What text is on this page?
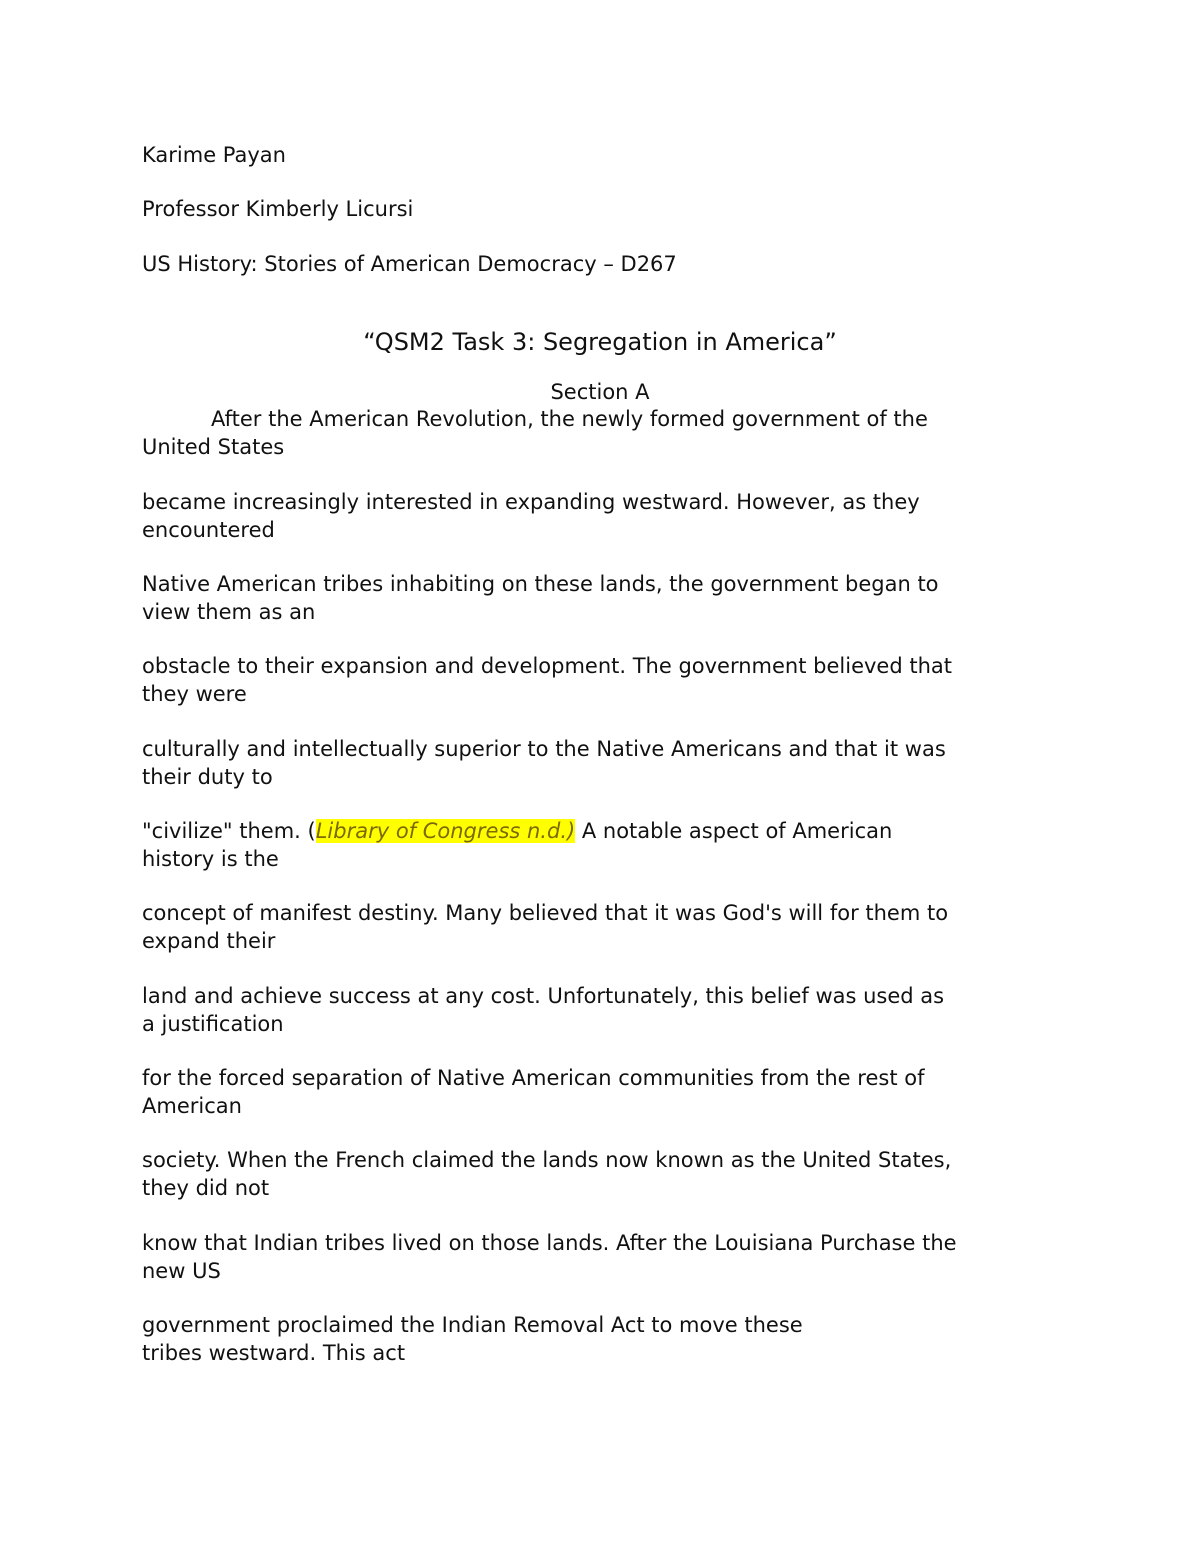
Karime Payan
Professor Kimberly Licursi
US History: Stories of American Democracy – D267
“QSM2 Task 3: Segregation in America”
Section A
After the American Revolution, the newly formed government of the
United States
became increasingly interested in expanding westward. However, as they
encountered
Native American tribes inhabiting on these lands, the government began to
view them as an
obstacle to their expansion and development. The government believed that
they were
culturally and intellectually superior to the Native Americans and that it was
their duty to
"civilize" them. (Library of Congress n.d.) A notable aspect of American
history is the
concept of manifest destiny. Many believed that it was God's will for them to
expand their
land and achieve success at any cost. Unfortunately, this belief was used as
a justification
for the forced separation of Native American communities from the rest of
American
society. When the French claimed the lands now known as the United States,
they did not
know that Indian tribes lived on those lands. After the Louisiana Purchase the
new US
government proclaimed the Indian Removal Act to move these
tribes westward. This act
